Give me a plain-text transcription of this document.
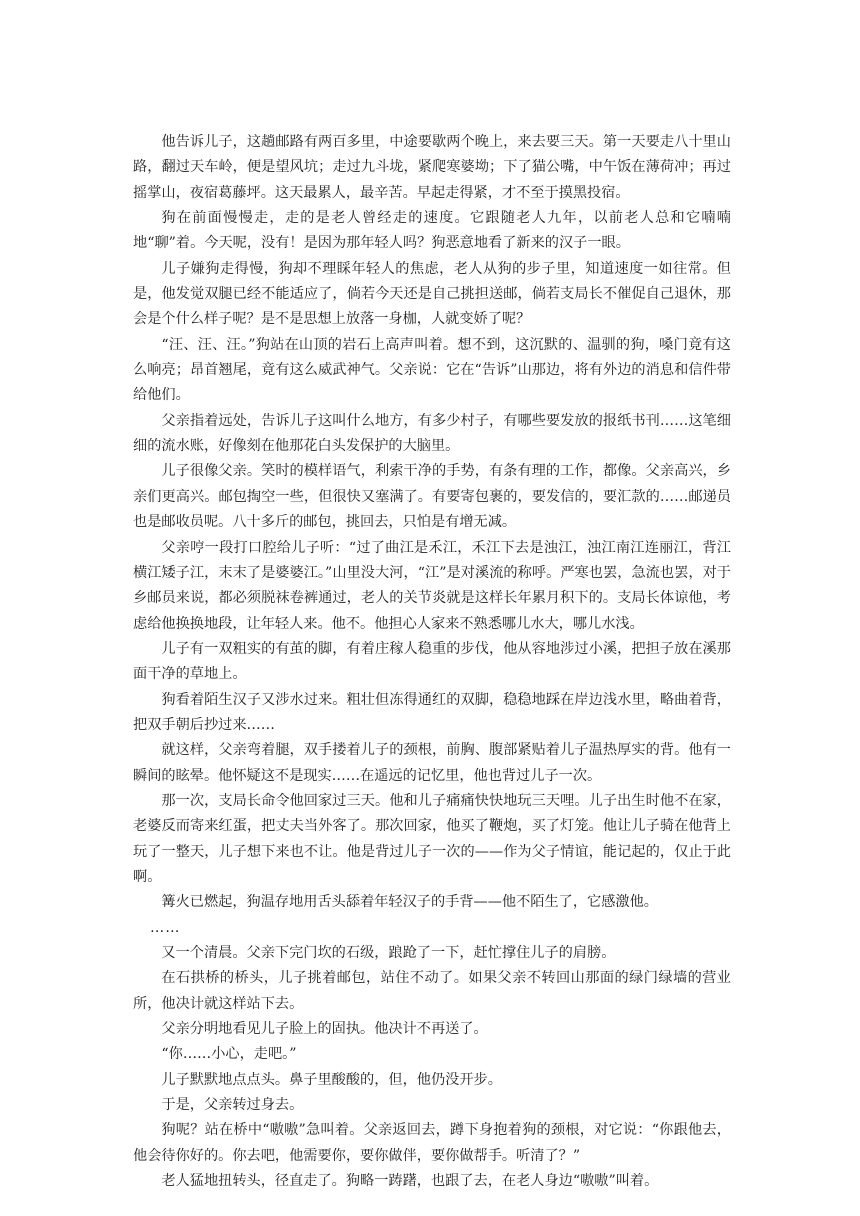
他告诉儿子，这趟邮路有两百多里，中途要歇两个晚上，来去要三天。第一天要走八十里山路，翻过天车岭，便是望风坑；走过九斗垅，紧爬寒婆坳；下了猫公嘴，中午饭在薄荷冲；再过摇掌山，夜宿葛藤坪。这天最累人，最辛苦。早起走得紧，才不至于摸黑投宿。

狗在前面慢慢走，走的是老人曾经走的速度。它跟随老人九年，以前老人总和它喃喃地“聊”着。今天呢，没有！是因为那年轻人吗？狗恶意地看了新来的汉子一眼。

儿子嫌狗走得慢，狗却不理睬年轻人的焦虑，老人从狗的步子里，知道速度一如往常。但是，他发觉双腿已经不能适应了，倘若今天还是自己挑担送邮，倘若支局长不催促自己退休，那会是个什么样子呢？是不是思想上放落一身枷，人就变娇了呢？

“汪、汪、汪。”狗站在山顶的岩石上高声叫着。想不到，这沉默的、温驯的狗，嗓门竟有这么响亮；昂首翘尾，竟有这么威武神气。父亲说：它在“告诉”山那边，将有外边的消息和信件带给他们。

父亲指着远处，告诉儿子这叫什么地方，有多少村子，有哪些要发放的报纸书刊……这笔细细的流水账，好像刻在他那花白头发保护的大脑里。

儿子很像父亲。笑时的模样语气，利索干净的手势，有条有理的工作，都像。父亲高兴，乡亲们更高兴。邮包掏空一些，但很快又塞满了。有要寄包裹的，要发信的，要汇款的……邮递员也是邮收员呢。八十多斤的邮包，挑回去，只怕是有增无减。

父亲哼一段打口腔给儿子听：“过了曲江是禾江，禾江下去是浊江，浊江南江连丽江，背江横江矮子江，末末了是婆婆江。”山里没大河，“江”是对溪流的称呼。严寒也罢，急流也罢，对于乡邮员来说，都必须脱袜卷裤通过，老人的关节炎就是这样长年累月积下的。支局长体谅他，考虑给他换换地段，让年轻人来。他不。他担心人家来不熟悉哪儿水大，哪儿水浅。

儿子有一双粗实的有茧的脚，有着庄稼人稳重的步伐，他从容地涉过小溪，把担子放在溪那面干净的草地上。

狗看着陌生汉子又涉水过来。粗壮但冻得通红的双脚，稳稳地踩在岸边浅水里，略曲着背，把双手朝后抄过来……

就这样，父亲弯着腿，双手搂着儿子的颈根，前胸、腹部紧贴着儿子温热厚实的背。他有一瞬间的眩晕。他怀疑这不是现实……在遥远的记忆里，他也背过儿子一次。

那一次，支局长命令他回家过三天。他和儿子痛痛快快地玩三天哩。儿子出生时他不在家，老婆反而寄来红蛋，把丈夫当外客了。那次回家，他买了鞭炮，买了灯笼。他让儿子骑在他背上玩了一整天，儿子想下来也不让。他是背过儿子一次的——作为父子情谊，能记起的，仅止于此啊。

篝火已燃起，狗温存地用舌头舔着年轻汉子的手背——他不陌生了，它感激他。

……

又一个清晨。父亲下完门坎的石级，踉跄了一下，赶忙撑住儿子的肩膀。

在石拱桥的桥头，儿子挑着邮包，站住不动了。如果父亲不转回山那面的绿门绿墙的营业所，他决计就这样站下去。

父亲分明地看见儿子脸上的固执。他决计不再送了。

“你……小心，走吧。”

儿子默默地点点头。鼻子里酸酸的，但，他仍没开步。

于是，父亲转过身去。

狗呢？站在桥中“嗷嗷”急叫着。父亲返回去，蹲下身抱着狗的颈根，对它说：“你跟他去，他会待你好的。你去吧，他需要你，要你做伴，要你做帮手。听清了？”

老人猛地扭转头，径直走了。狗略一踌躇，也跟了去，在老人身边“嗷嗷”叫着。
